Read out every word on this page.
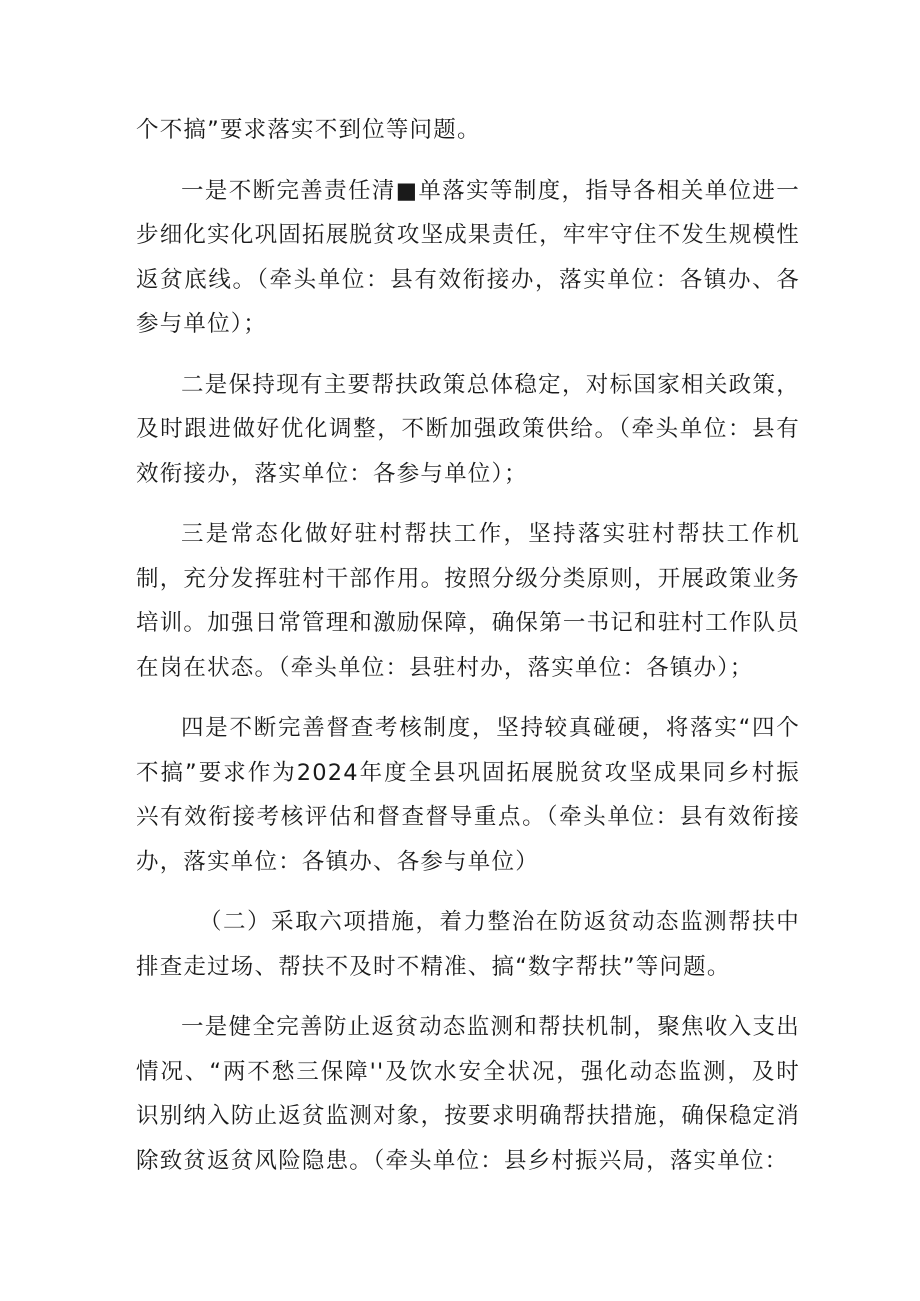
个不搞”要求落实不到位等问题。

一是不断完善责任清■单落实等制度，指导各相关单位进一步细化实化巩固拓展脱贫攻坚成果责任，牢牢守住不发生规模性返贫底线。（牵头单位：县有效衔接办，落实单位：各镇办、各参与单位）；

二是保持现有主要帮扶政策总体稳定，对标国家相关政策，及时跟进做好优化调整，不断加强政策供给。（牵头单位：县有效衔接办，落实单位：各参与单位）；

三是常态化做好驻村帮扶工作，坚持落实驻村帮扶工作机制，充分发挥驻村干部作用。按照分级分类原则，开展政策业务培训。加强日常管理和激励保障，确保第一书记和驻村工作队员在岗在状态。（牵头单位：县驻村办，落实单位：各镇办）；

四是不断完善督查考核制度，坚持较真碰硬，将落实“四个不搞”要求作为2024年度全县巩固拓展脱贫攻坚成果同乡村振兴有效衔接考核评估和督查督导重点。（牵头单位：县有效衔接办，落实单位：各镇办、各参与单位）

（二）采取六项措施，着力整治在防返贫动态监测帮扶中排查走过场、帮扶不及时不精准、搞“数字帮扶”等问题。

一是健全完善防止返贫动态监测和帮扶机制，聚焦收入支出情况、“两不愁三保障''及饮水安全状况，强化动态监测，及时识别纳入防止返贫监测对象，按要求明确帮扶措施，确保稳定消除致贫返贫风险隐患。（牵头单位：县乡村振兴局，落实单位：
